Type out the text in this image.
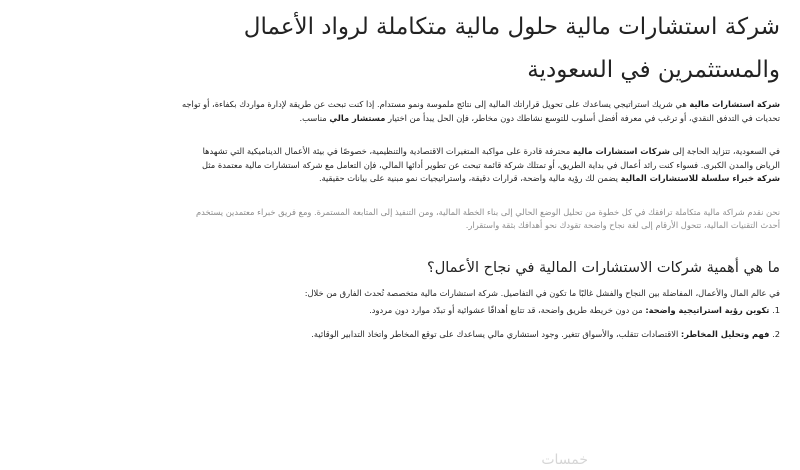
شركة استشارات مالية حلول مالية متكاملة لرواد الأعمال والمستثمرين في السعودية

شركة استشارات مالية هي شريك استراتيجي يساعدك على تحويل قراراتك المالية إلى نتائج ملموسة ونمو مستدام. إذا كنت تبحث عن طريقة لإدارة مواردك بكفاءة، أو تواجه تحديات في التدفق النقدي، أو ترغب في معرفة أفضل أسلوب للتوسع نشاطك دون مخاطر، فإن الحل يبدأ من اختيار مستشار مالي مناسب.

في السعودية، تتزايد الحاجة إلى شركات استشارات مالية محترفة قادرة على مواكبة المتغيرات الاقتصادية والتنظيمية، خصوصًا في بيئة الأعمال الديناميكية التي تشهدها الرياض والمدن الكبرى. فسواء كنت رائد أعمال في بداية الطريق، أو تمتلك شركة قائمة تبحث عن تطوير أدائها المالي، فإن التعامل مع شركة استشارات مالية معتمدة مثل شركة خبراء سلسلة للاستشارات المالية يضمن لك رؤية مالية واضحة، قرارات دقيقة، واستراتيجيات نمو مبنية على بيانات حقيقية.

نحن نقدم شراكة مالية متكاملة ترافقك في كل خطوة من تحليل الوضع الحالي إلى بناء الخطة المالية، ومن التنفيذ إلى المتابعة المستمرة. ومع فريق خبراء معتمدين يستخدم أحدث التقنيات المالية، تتحول الأرقام إلى لغة نجاح واضحة تقودك نحو أهدافك بثقة واستقرار.

ما هي أهمية شركات الاستشارات المالية في نجاح الأعمال؟

في عالم المال والأعمال، المفاضلة بين النجاح والفشل غالبًا ما تكون في التفاصيل. شركة استشارات مالية متخصصة تُحدث الفارق من خلال:

1. تكوين رؤية استراتيجية واضحة: من دون خريطة طريق واضحة، قد تتابع أهدافًا عشوائية أو تبدّد موارد دون مردود.

2. فهم وتحليل المخاطر: الاقتصادات تتقلب، والأسواق تتغير. وجود استشاري مالي يساعدك على توقع المخاطر واتخاذ التدابير الوقائية.

خمسات
